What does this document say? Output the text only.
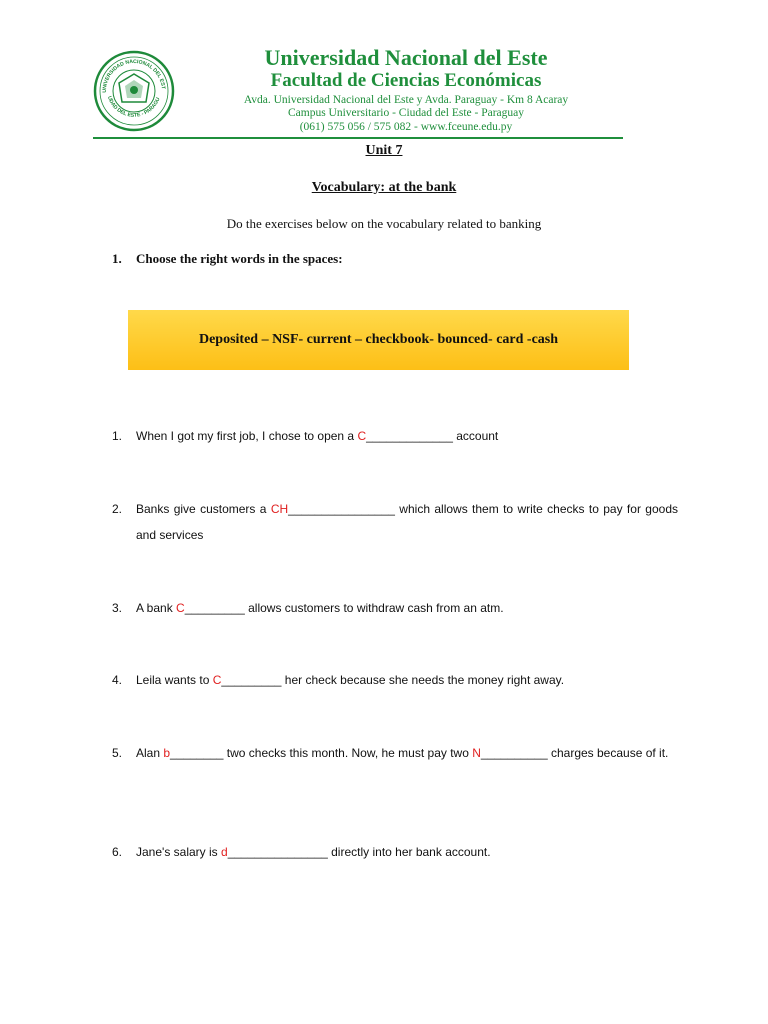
UNIVERSIDAD NACIONAL DEL EST
UDAD DEL ESTE - PARAGU
Universidad Nacional del Este
Facultad de Ciencias Económicas
Avda. Universidad Nacional del Este y Avda. Paraguay - Km 8 Acaray
Campus Universitario - Ciudad del Este - Paraguay
(061) 575 056 / 575 082 - www.fceune.edu.py
Unit 7
Vocabulary: at the bank
Do the exercises below on the vocabulary related to banking
1. Choose the right words in the spaces:
Deposited – NSF- current – checkbook- bounced- card -cash
1. When I got my first job, I chose to open a C_____________ account
2. Banks give customers a CH________________ which allows them to write checks to pay for goods and services
3. A bank C_________ allows customers to withdraw cash from an atm.
4. Leila wants to C_________ her check because she needs the money right away.
5. Alan b________ two checks this month. Now, he must pay two N__________ charges because of it.
6. Jane's salary is d_______________ directly into her bank account.
